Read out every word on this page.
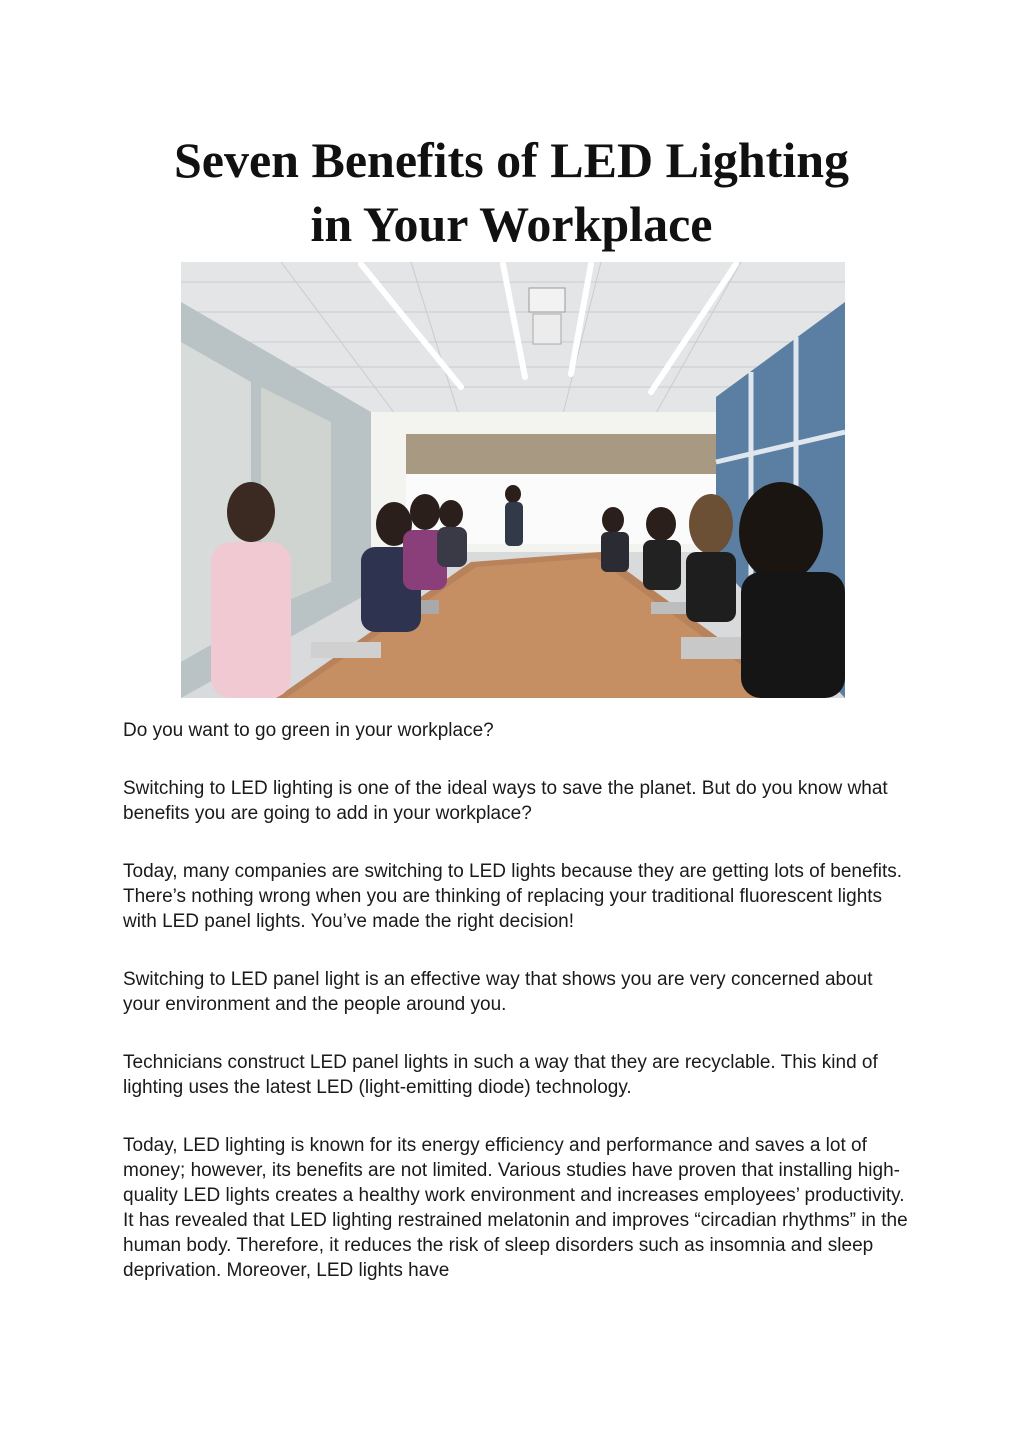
Seven Benefits of LED Lighting
in Your Workplace

Do you want to go green in your workplace?

Switching to LED lighting is one of the ideal ways to save the planet. But do you know what benefits you are going to add in your workplace?

Today, many companies are switching to LED lights because they are getting lots of benefits. There’s nothing wrong when you are thinking of replacing your traditional fluorescent lights with LED panel lights. You’ve made the right decision!

Switching to LED panel light is an effective way that shows you are very concerned about your environment and the people around you.

Technicians construct LED panel lights in such a way that they are recyclable. This kind of lighting uses the latest LED (light-emitting diode) technology.

Today, LED lighting is known for its energy efficiency and performance and saves a lot of money; however, its benefits are not limited. Various studies have proven that installing high-quality LED lights creates a healthy work environment and increases employees’ productivity. It has revealed that LED lighting restrained melatonin and improves “circadian rhythms” in the human body. Therefore, it reduces the risk of sleep disorders such as insomnia and sleep deprivation. Moreover, LED lights have
